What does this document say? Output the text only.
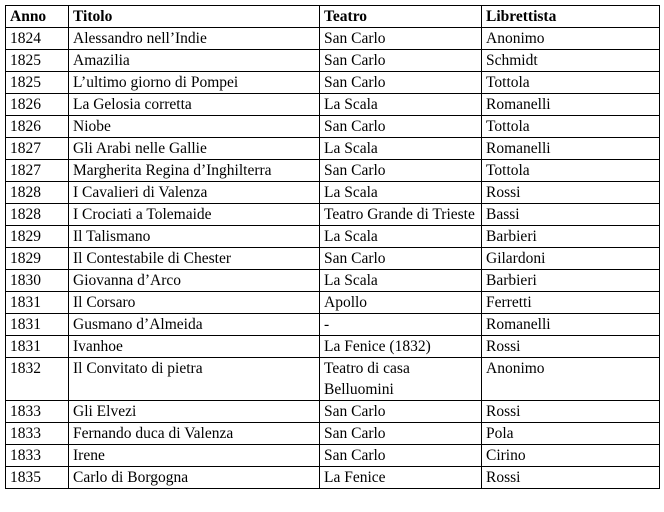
Anno	Titolo	Teatro	Librettista
1824	Alessandro nell’Indie	San Carlo	Anonimo
1825	Amazilia	San Carlo	Schmidt
1825	L’ultimo giorno di Pompei	San Carlo	Tottola
1826	La Gelosia corretta	La Scala	Romanelli
1826	Niobe	San Carlo	Tottola
1827	Gli Arabi nelle Gallie	La Scala	Romanelli
1827	Margherita Regina d’Inghilterra	San Carlo	Tottola
1828	I Cavalieri di Valenza	La Scala	Rossi
1828	I Crociati a Tolemaide	Teatro Grande di Trieste	Bassi
1829	Il Talismano	La Scala	Barbieri
1829	Il Contestabile di Chester	San Carlo	Gilardoni
1830	Giovanna d’Arco	La Scala	Barbieri
1831	Il Corsaro	Apollo	Ferretti
1831	Gusmano d’Almeida	-	Romanelli
1831	Ivanhoe	La Fenice (1832)	Rossi
1832	Il Convitato di pietra	Teatro di casa Belluomini	Anonimo
1833	Gli Elvezi	San Carlo	Rossi
1833	Fernando duca di Valenza	San Carlo	Pola
1833	Irene	San Carlo	Cirino
1835	Carlo di Borgogna	La Fenice	Rossi
